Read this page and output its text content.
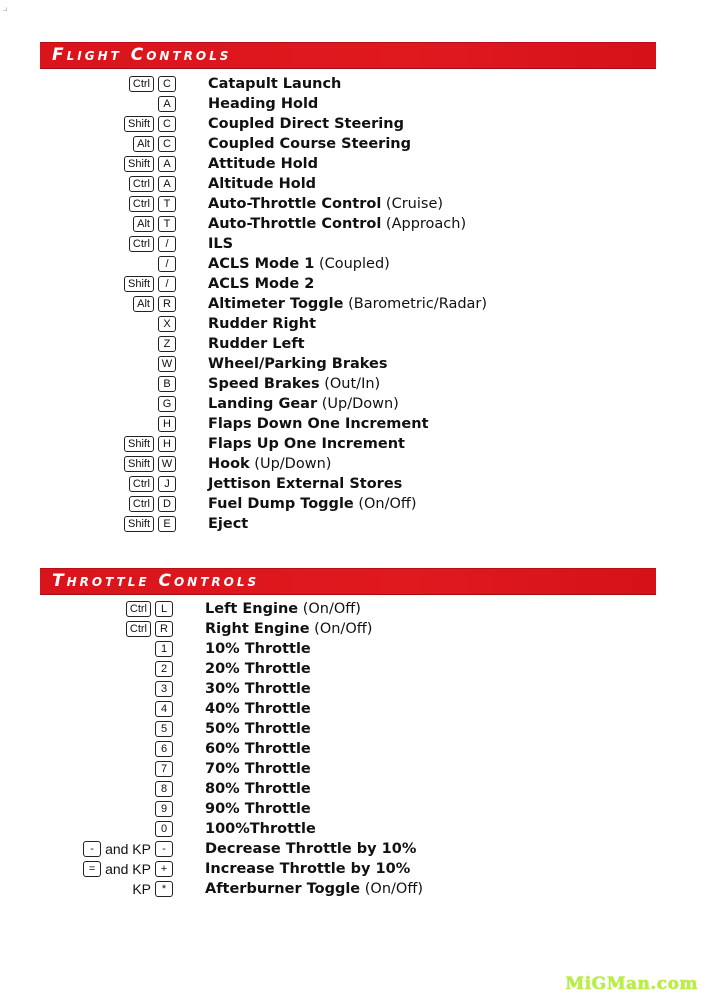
⌟
Flight Controls
Ctrl	C	Catapult Launch
A	Heading Hold
Shift	C	Coupled Direct Steering
Alt	C	Coupled Course Steering
Shift	A	Attitude Hold
Ctrl	A	Altitude Hold
Ctrl	T	Auto-Throttle Control (Cruise)
Alt	T	Auto-Throttle Control (Approach)
Ctrl	/	ILS
/	ACLS Mode 1 (Coupled)
Shift	/	ACLS Mode 2
Alt	R	Altimeter Toggle (Barometric/Radar)
X	Rudder Right
Z	Rudder Left
W Wheel/Parking Brakes
B	Speed Brakes (Out/In)
G	Landing Gear (Up/Down)
H	Flaps Down One Increment
Shift	H	Flaps Up One Increment
Shift	W Hook (Up/Down)
Ctrl	J	Jettison External Stores
Ctrl	D	Fuel Dump Toggle (On/Off)
Shift	E	Eject
Throttle Controls
Ctrl	L	Left Engine (On/Off)
Ctrl	R	Right Engine (On/Off)
1	10% Throttle
2	20% Throttle
3	30% Throttle
4	40% Throttle
5	50% Throttle
6	60% Throttle
7	70% Throttle
8	80% Throttle
9	90% Throttle
0	100%Throttle
- and KP	-	Decrease Throttle by 10%
= and KP +	Increase Throttle by 10%
KP *	Afterburner Toggle (On/Off)
MiGMan.com
